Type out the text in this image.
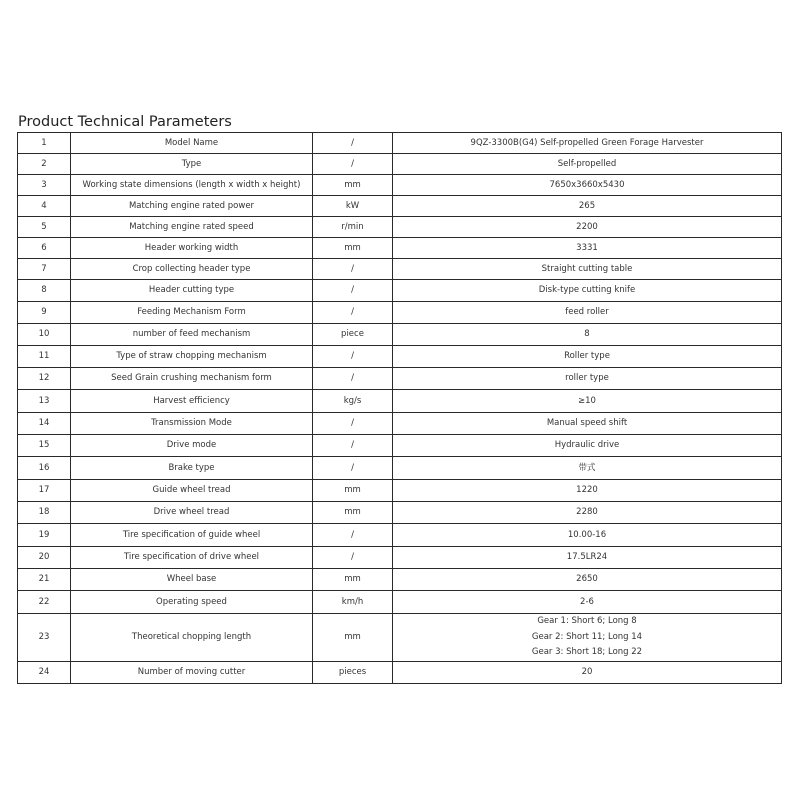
Product Technical Parameters
1	Model Name	/	9QZ-3300B(G4) Self-propelled Green Forage Harvester
2	Type	/	Self-propelled
3	Working state dimensions (length x width x height)	mm	7650x3660x5430
4	Matching engine rated power	kW	265
5	Matching engine rated speed	r/min	2200
6	Header working width	mm	3331
7	Crop collecting header type	/	Straight cutting table
8	Header cutting type	/	Disk-type cutting knife
9	Feeding Mechanism Form	/	feed roller
10	number of feed mechanism	piece	8
11	Type of straw chopping mechanism	/	Roller type
12	Seed Grain crushing mechanism form	/	roller type
13	Harvest efficiency	kg/s	≥10
14	Transmission Mode	/	Manual speed shift
15	Drive mode	/	Hydraulic drive
16	Brake type	/	带式
17	Guide wheel tread	mm	1220
18	Drive wheel tread	mm	2280
19	Tire specification of guide wheel	/	10.00-16
20	Tire specification of drive wheel	/	17.5LR24
21	Wheel base	mm	2650
22	Operating speed	km/h	2-6
23	Theoretical chopping length	mm	Gear 1: Short 6; Long 8
Gear 2: Short 11; Long 14
Gear 3: Short 18; Long 22

24	Number of moving cutter	pieces	20
